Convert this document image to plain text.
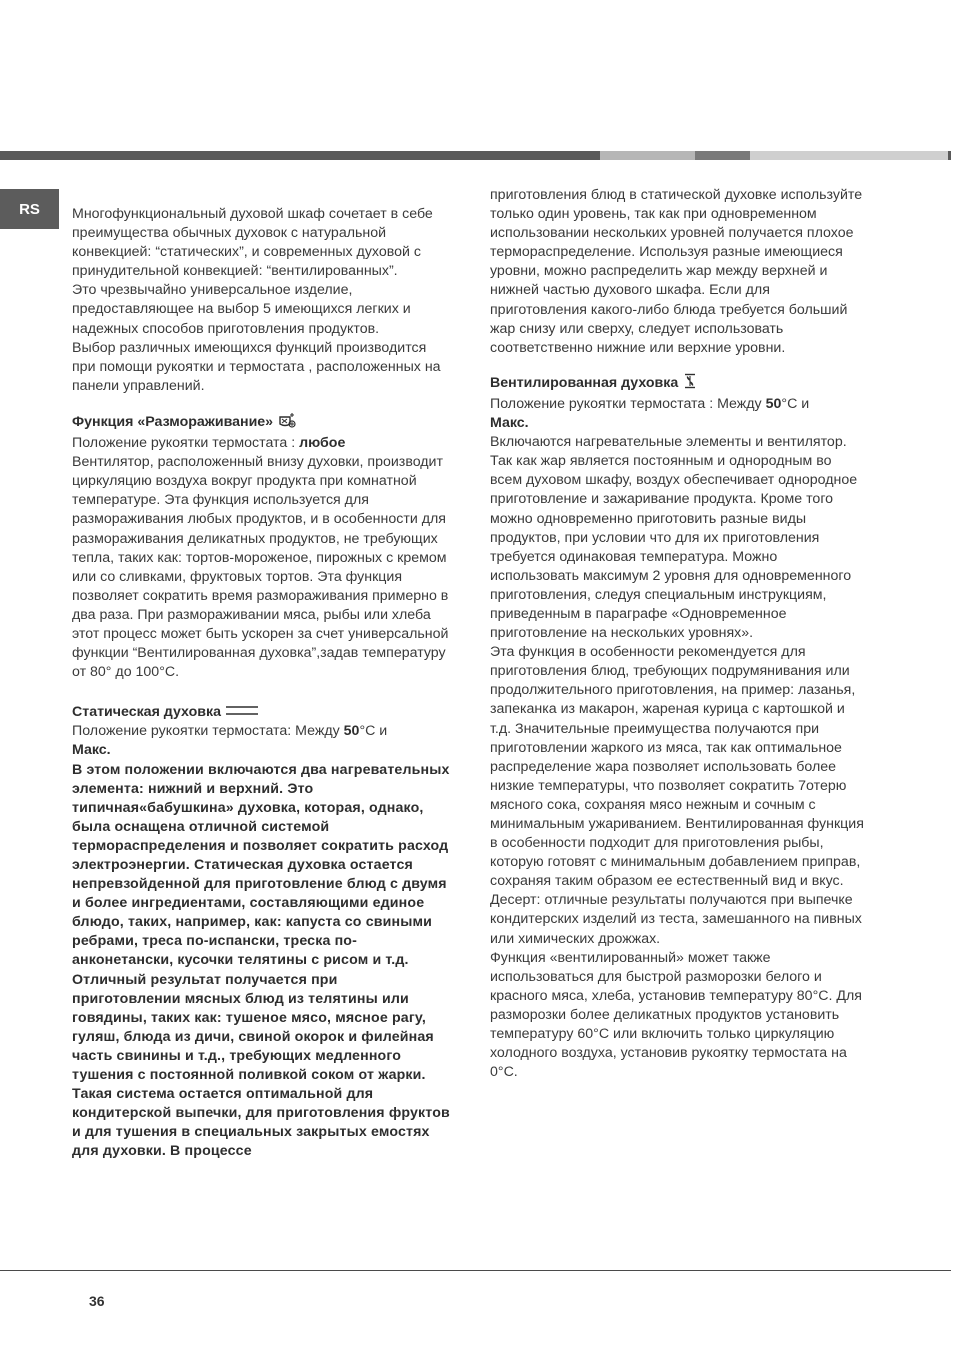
RS	Многофункциональный духовой шкаф сочетает в себе преимущества обычных духовок с натуральной конвекцией: “статических”, и современных духовой с принудительной конвекцией: “вентилированных”.

Это чрезвычайно универсальное изделие, предоставляющее на выбор 5 имеющихся легких и надежных способов приготовления продуктов.

Выбор различных имеющихся функций производится при помощи рукоятки и термостата , расположенных на панели управлений.

Функция «Размораживание»

Положение рукоятки термостата : любое

Вентилятор, расположенный внизу духовки, производит циркуляцию воздуха вокруг продукта при комнатной температуре. Эта функция используется для размораживания любых продуктов, и в особенности для размораживания деликатных продуктов, не требующих тепла, таких как: тортов-мороженое, пирожных с кремом или со сливками, фруктовых тортов. Эта функция позволяет сократить время размораживания примерно в два раза. При размораживании мяса, рыбы или хлеба этот процесс может быть ускорен за счет универсальной функции “Вентилированная духовка”,задав температуру от 80° до 100°C.

Статическая духовка

Положение рукоятки термостата: Между 50°C и

Макс.

В этом положении включаются два нагревательных элемента: нижний и верхний. Это типичная«бабушкина» духовка, которая, однако, была оснащена отличной системой термораспределения и позволяет сократить расход электроэнергии. Статическая духовка остается непревзойденной для приготовление блюд с двумя и более ингредиентами, составляющими единое блюдо, таких, например, как: капуста со свиными ребрами, треса по-испански, треска по-анконетански, кусочки телятины с рисом и т.д. Отличный результат получается при приготовлении мясных блюд из телятины или говядины, таких как: тушеное мясо, мясное рагу, гуляш, блюда из дичи, свиной окорок и филейная часть свинины и т.д., требующих медленного тушения с постоянной поливкой соком от жарки. Такая система остается оптимальной для кондитерской выпечки, для приготовления фруктов и для тушения в специальных закрытых емостях для духовки. В процессе

приготовления блюд в статической духовке используйте только один уровень, так как при одновременном использовании нескольких уровней получается плохое термораспределение. Используя разные имеющиеся уровни, можно распределить жар между верхней и нижней частью духового шкафа. Если для приготовления какого-либо блюда требуется больший жар снизу или сверху, следует использовать соответственно нижние или верхние уровни.

Вентилированная духовка

Положение рукоятки термостата : Между 50°C и

Макс.

Включаются нагревательные элементы и вентилятор. Так как жар является постоянным и однородным во всем духовом шкафу, воздух обеспечивает однородное приготовление и зажаривание продукта. Кроме того можно одновременно приготовить разные виды продуктов, при условии что для их приготовления требуется одинаковая температура. Можно использовать максимум 2 уровня для одновременного приготовления, следуя специальным инструкциям, приведенным в параграфе «Одновременное приготовление на нескольких уровнях».

Эта функция в особенности рекомендуется для приготовления блюд, требующих подрумянивания или продолжительного приготовления, на пример: лазанья, запеканка из макарон, жареная курица с картошкой и т.д. Значительные преимущества получаются при приготовлении жаркого из мяса, так как оптимальное распределение жара позволяет использовать более низкие температуры, что позволяет сократить 7отерю мясного сока, сохраняя мясо нежным и сочным с минимальным ужариванием. Вентилированная функция в особенности подходит для приготовления рыбы, которую готовят с минимальным добавлением приправ, сохраняя таким образом ее естественный вид и вкус.

Десерт: отличные результаты получаются при выпечке кондитерских изделий из теста, замешанного на пивных или химических дрожжах.

Функция «вентилированный» может также использоваться для быстрой разморозки белого и красного мяса, хлеба, установив температуру 80°C. Для разморозки более деликатных продуктов установить температуру 60°C или включить только циркуляцию холодного воздуха, установив рукоятку термостата на 0°C.

36
